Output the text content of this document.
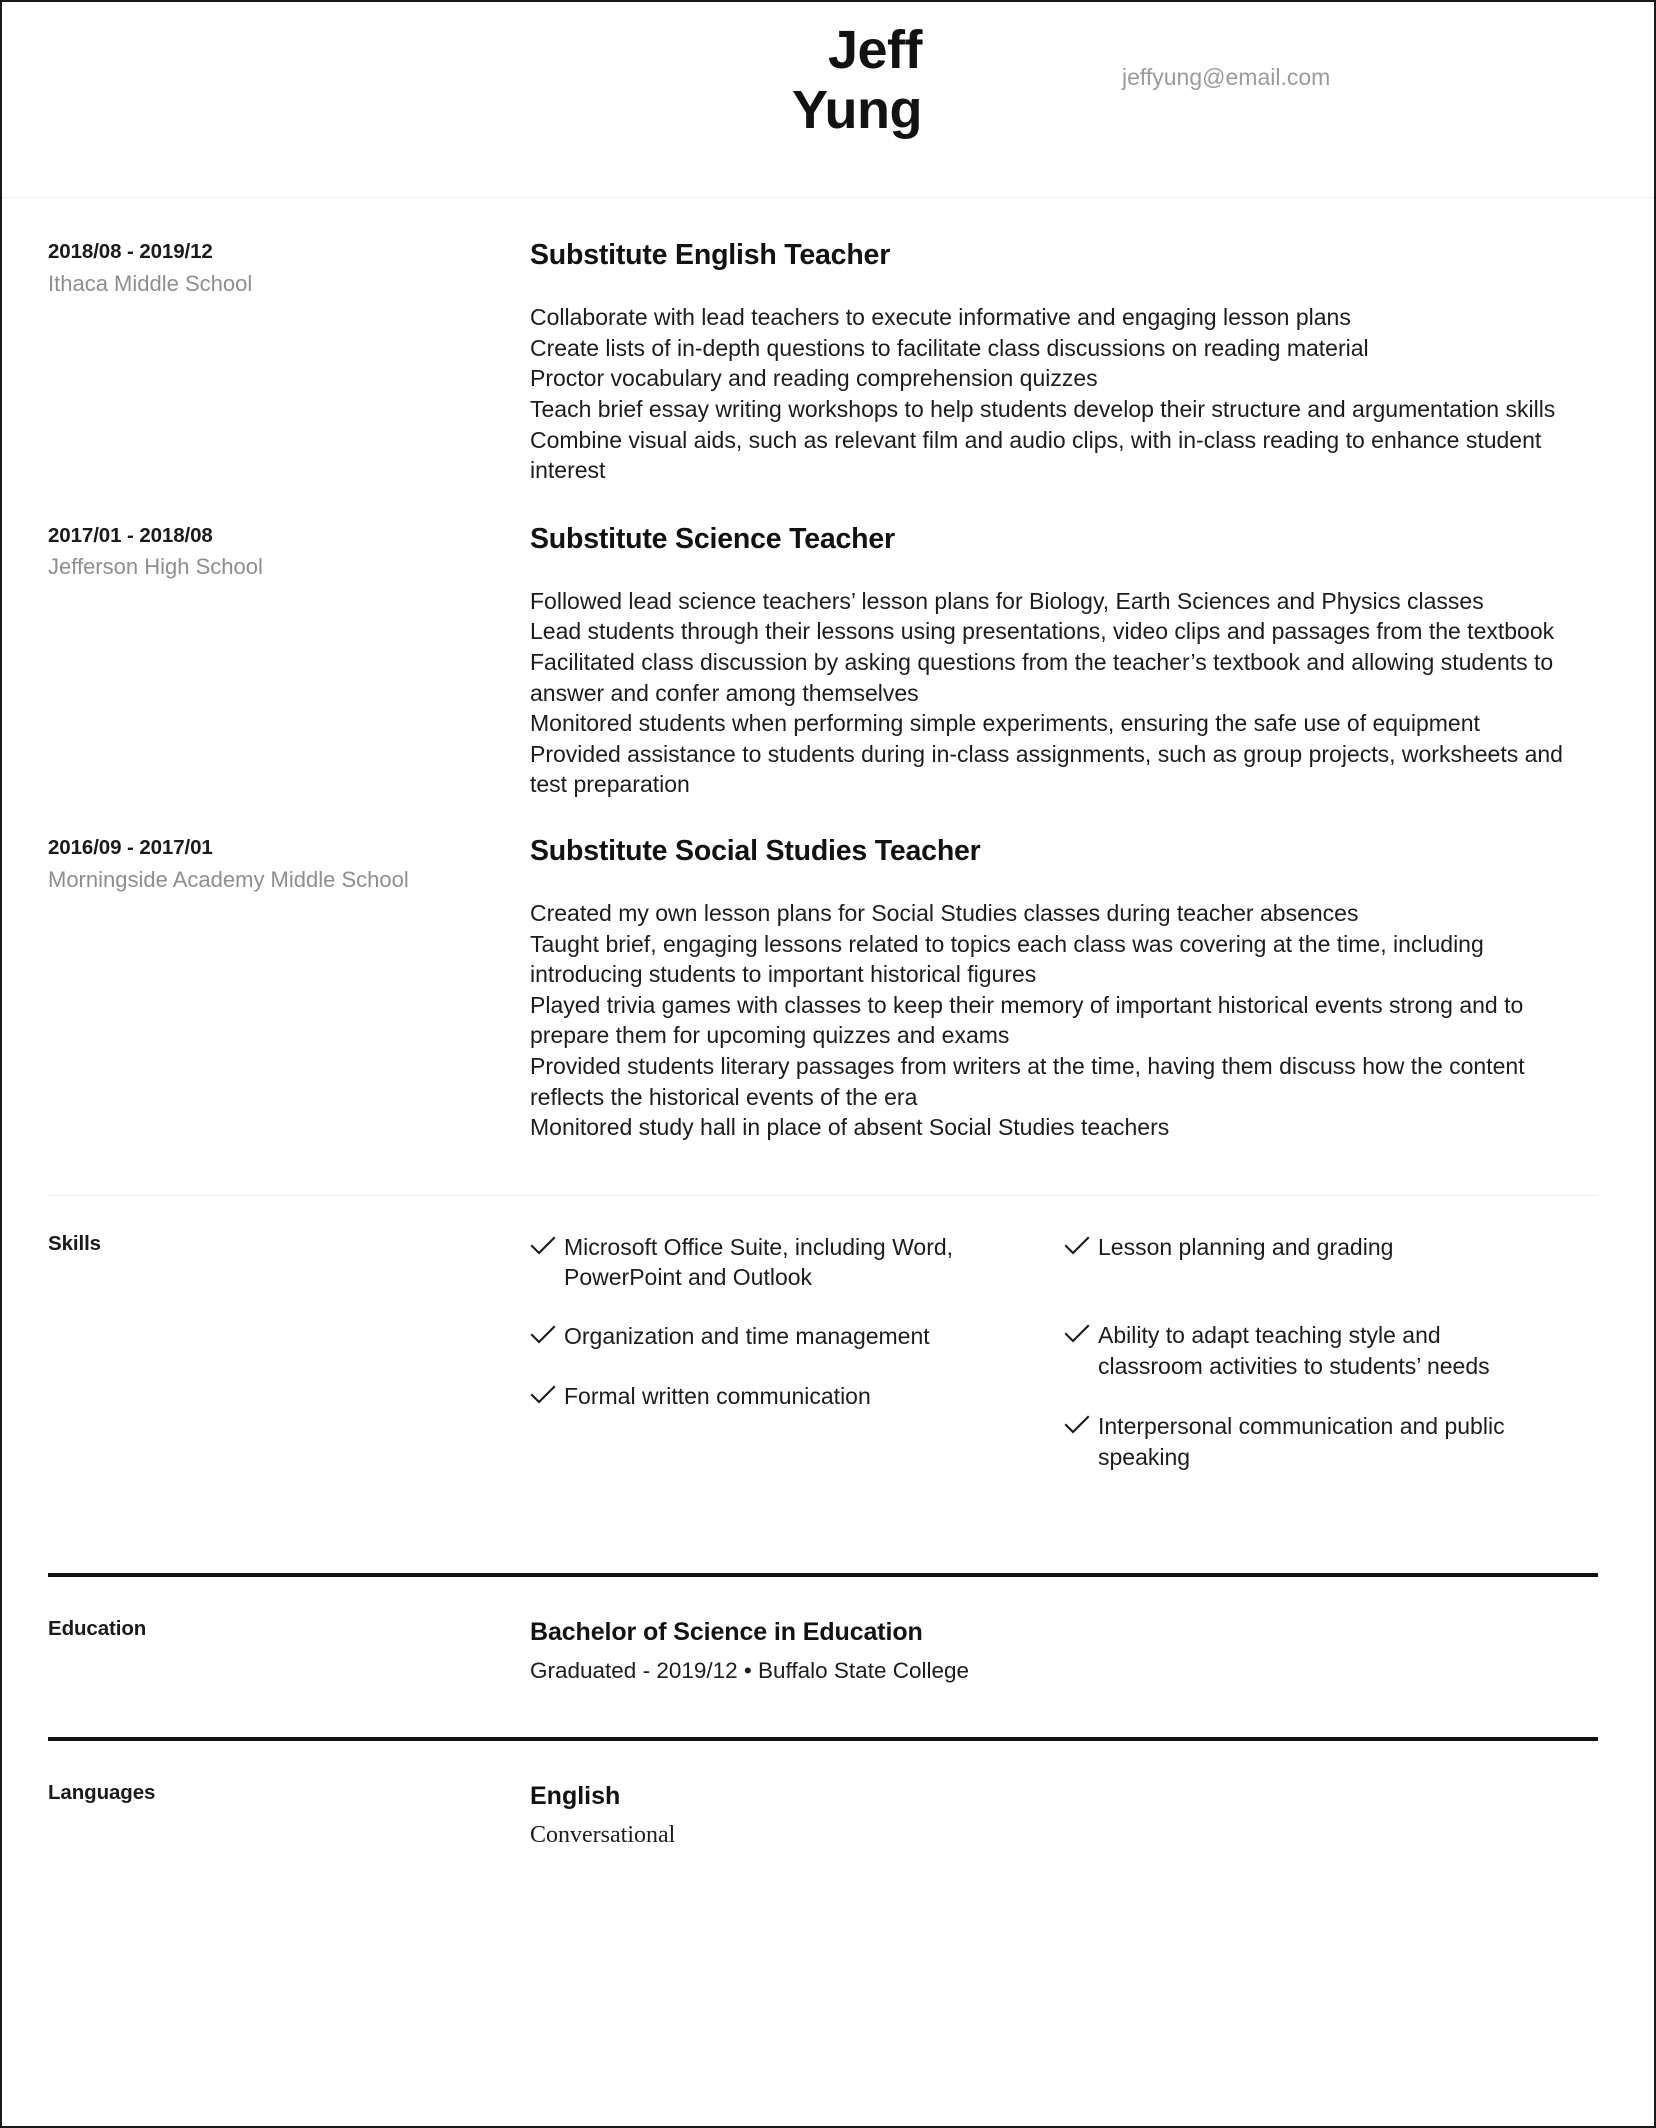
Jeff
Yung
jeffyung@email.com
2018/08 - 2019/12
Ithaca Middle School
Substitute English Teacher
Collaborate with lead teachers to execute informative and engaging lesson plans
Create lists of in-depth questions to facilitate class discussions on reading material
Proctor vocabulary and reading comprehension quizzes
Teach brief essay writing workshops to help students develop their structure and argumentation skills
Combine visual aids, such as relevant film and audio clips, with in-class reading to enhance student interest
2017/01 - 2018/08
Jefferson High School
Substitute Science Teacher
Followed lead science teachers’ lesson plans for Biology, Earth Sciences and Physics classes
Lead students through their lessons using presentations, video clips and passages from the textbook
Facilitated class discussion by asking questions from the teacher’s textbook and allowing students to answer and confer among themselves
Monitored students when performing simple experiments, ensuring the safe use of equipment
Provided assistance to students during in-class assignments, such as group projects, worksheets and test preparation
2016/09 - 2017/01
Morningside Academy Middle School
Substitute Social Studies Teacher
Created my own lesson plans for Social Studies classes during teacher absences
Taught brief, engaging lessons related to topics each class was covering at the time, including introducing students to important historical figures
Played trivia games with classes to keep their memory of important historical events strong and to prepare them for upcoming quizzes and exams
Provided students literary passages from writers at the time, having them discuss how the content reflects the historical events of the era
Monitored study hall in place of absent Social Studies teachers
Skills	Microsoft Office Suite, including Word, PowerPoint and Outlook
Organization and time management
Formal written communication
Lesson planning and grading
Ability to adapt teaching style and classroom activities to students’ needs
Interpersonal communication and public speaking
Education	Bachelor of Science in Education
Graduated - 2019/12 • Buffalo State College
Languages	English
Conversational
